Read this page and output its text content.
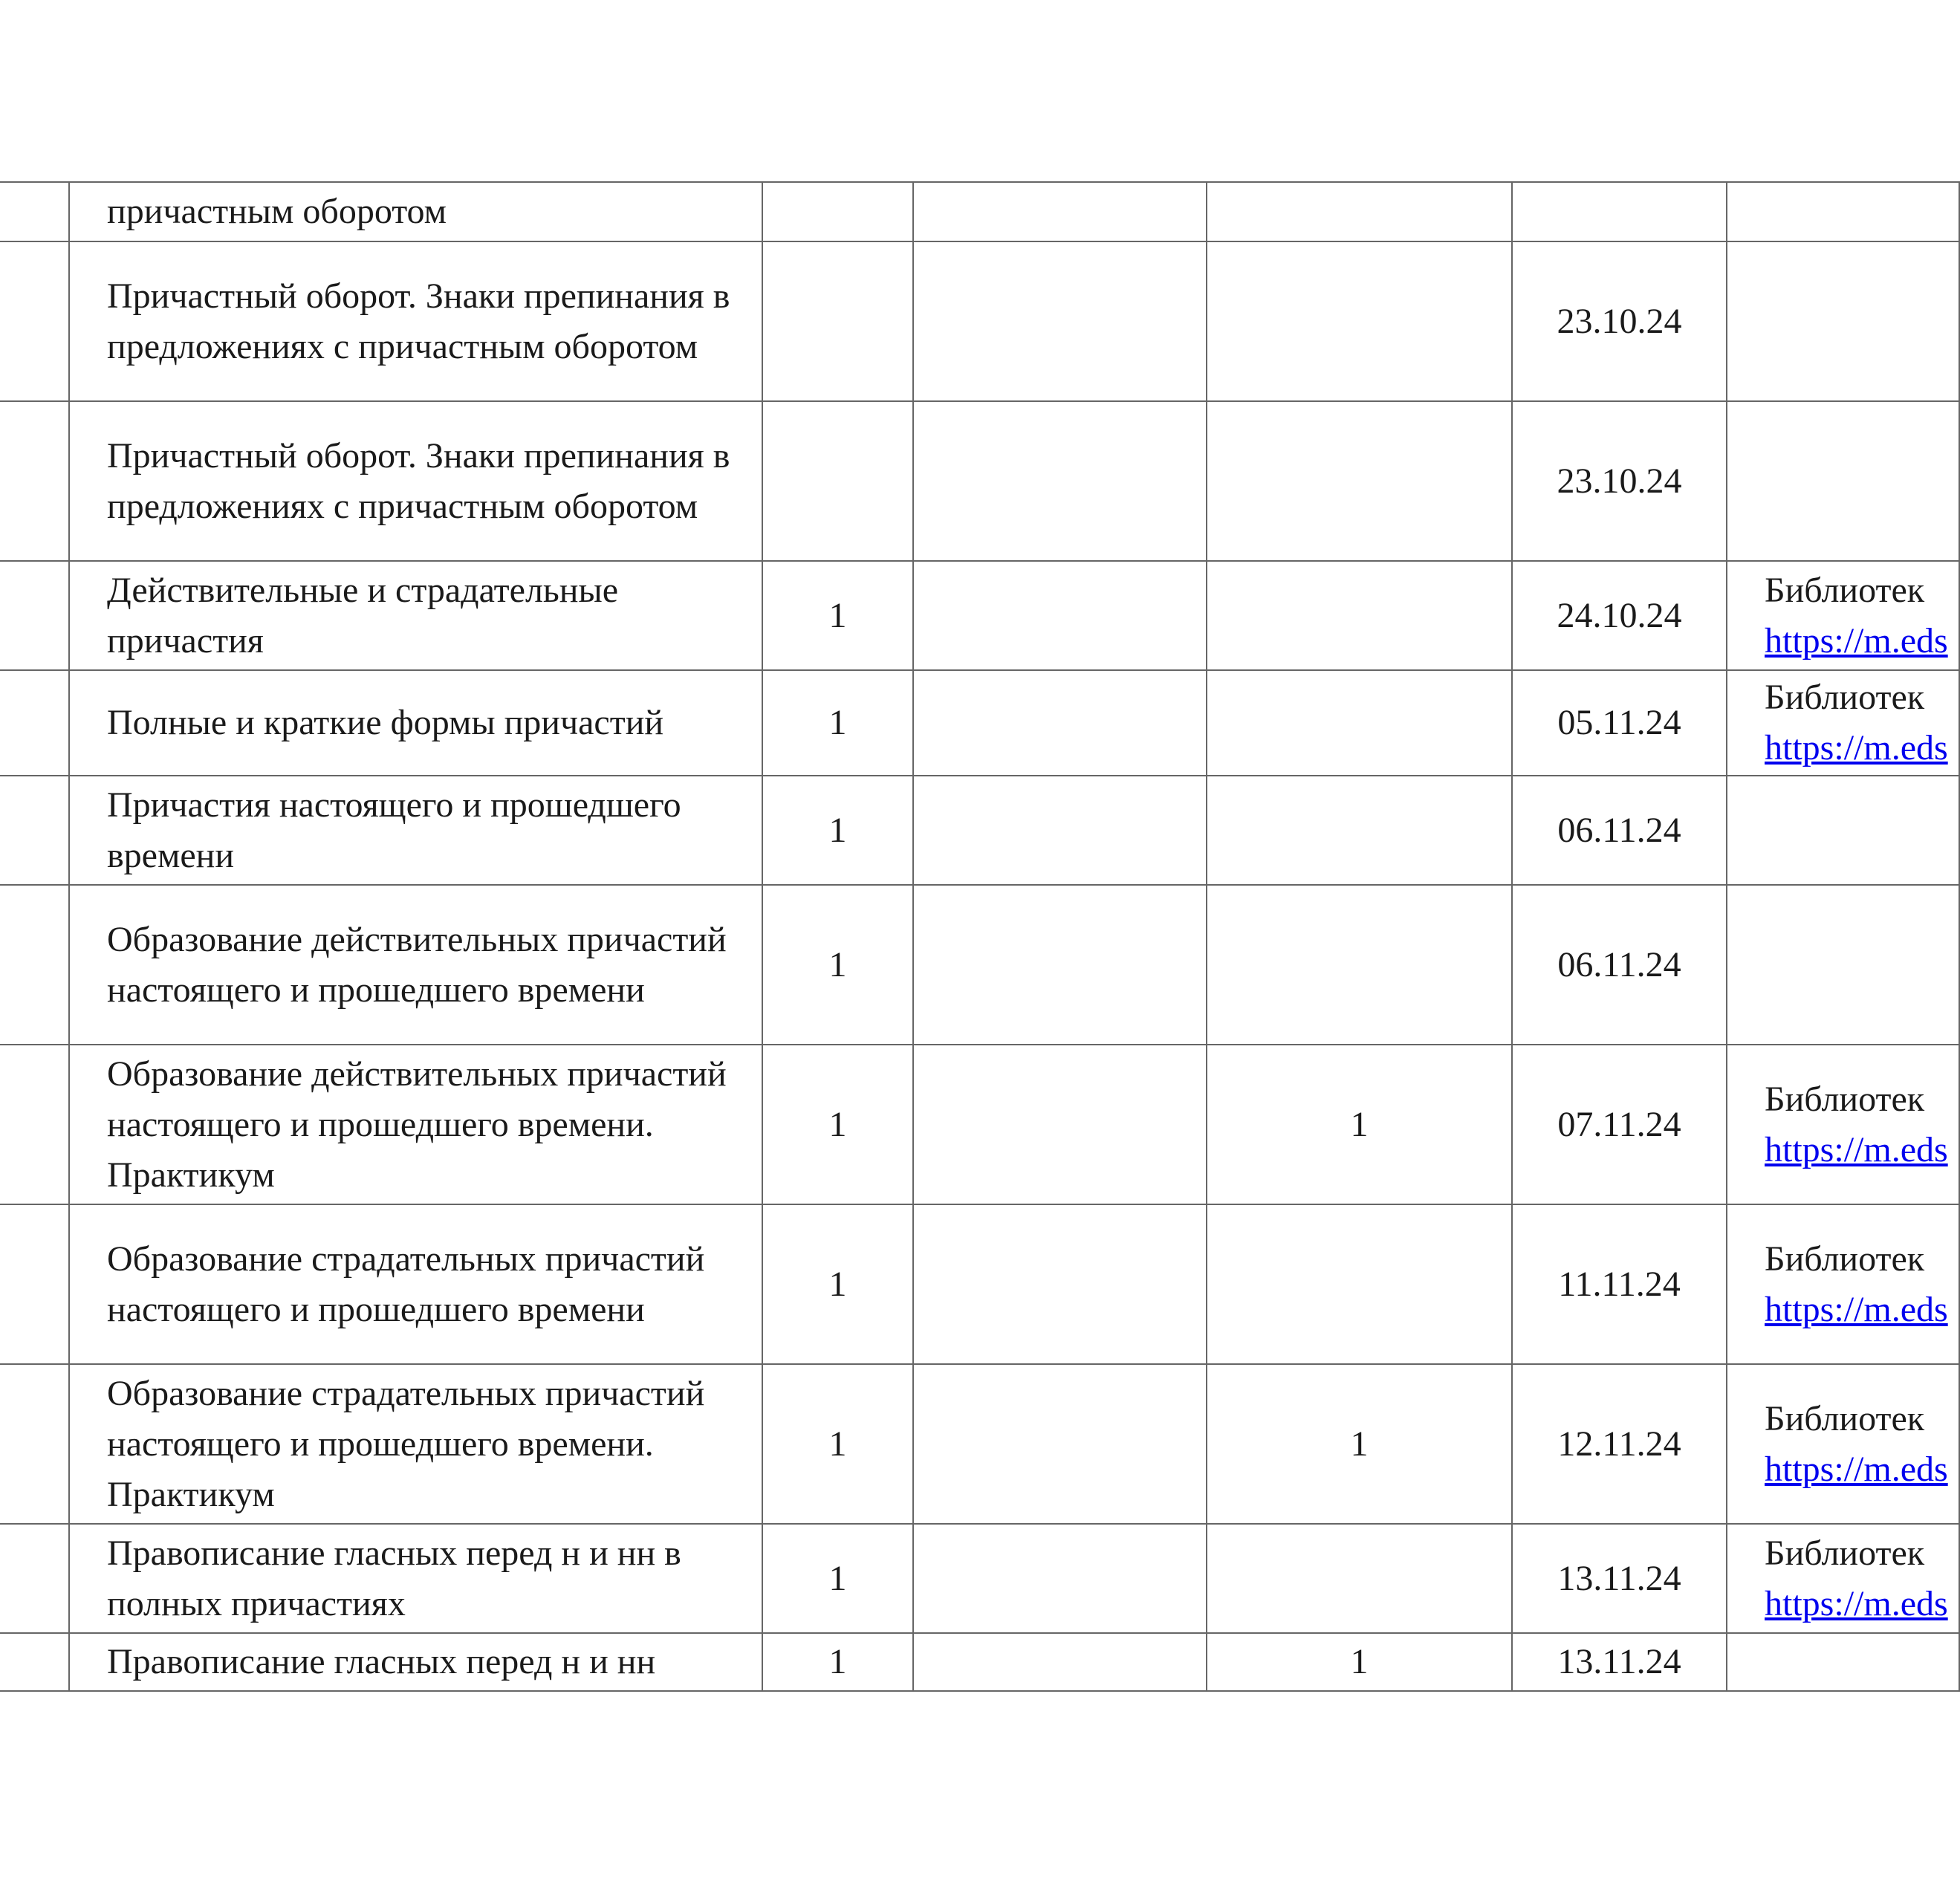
	причастным оборотом					
	Причастный оборот. Знаки препинания в предложениях с причастным оборотом				23.10.24	
	Причастный оборот. Знаки препинания в предложениях с причастным оборотом				23.10.24	
	Действительные и страдательные причастия	1			24.10.24	Библиотек
https://m.eds

	Полные и краткие формы причастий	1			05.11.24	Библиотек
https://m.eds

	Причастия настоящего и прошедшего времени	1			06.11.24	
	Образование действительных причастий настоящего и прошедшего времени	1			06.11.24	
	Образование действительных причастий настоящего и прошедшего времени. Практикум	1		1	07.11.24	Библиотек
https://m.eds

	Образование страдательных причастий настоящего и прошедшего времени	1			11.11.24	Библиотек
https://m.eds

	Образование страдательных причастий настоящего и прошедшего времени. Практикум	1		1	12.11.24	Библиотек
https://m.eds

	Правописание гласных перед н и нн в полных причастиях	1			13.11.24	Библиотек
https://m.eds

	Правописание гласных перед н и нн	1		1	13.11.24	
